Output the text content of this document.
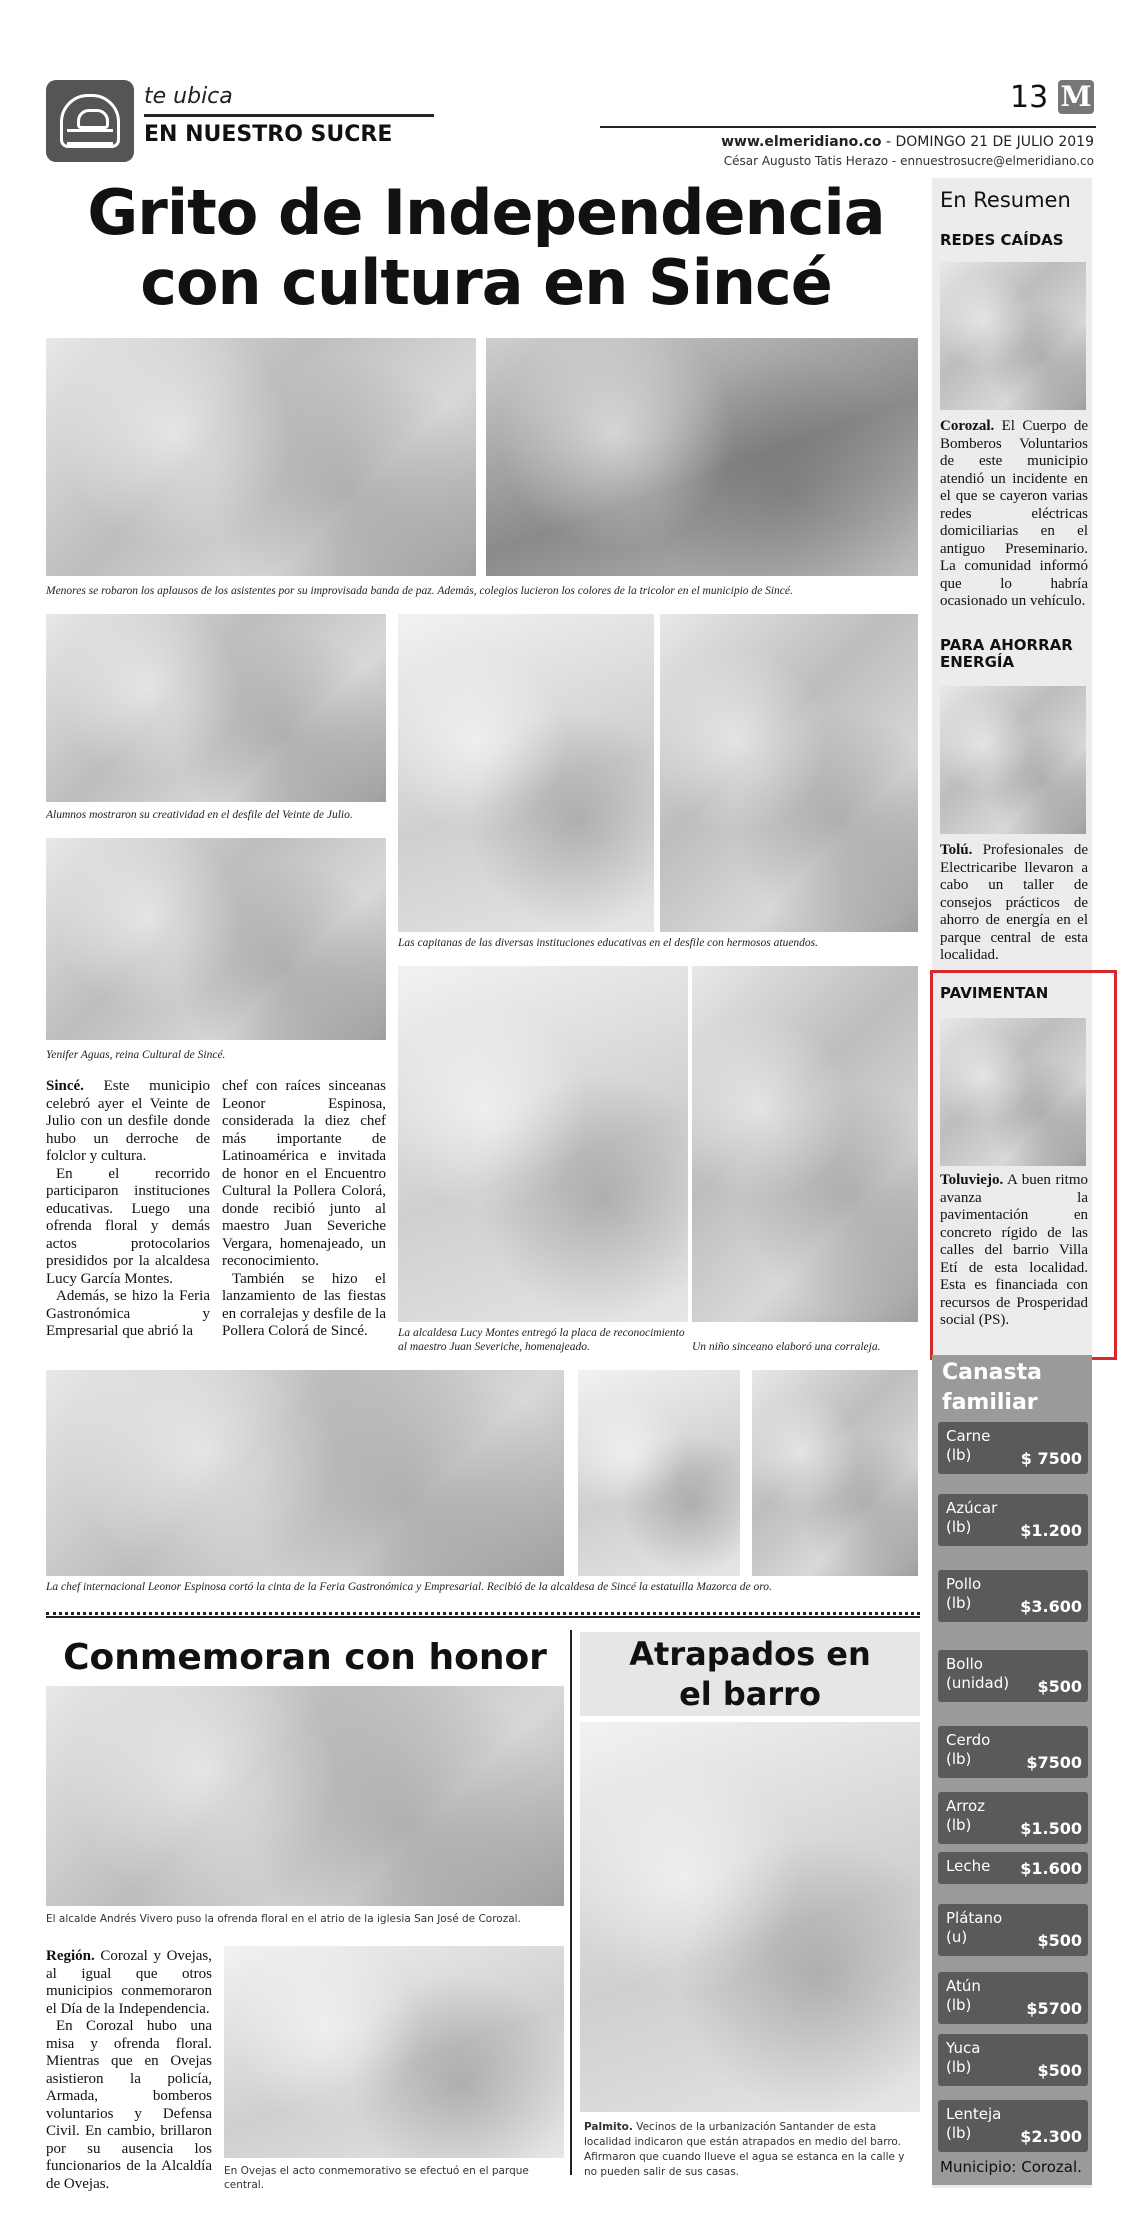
te ubica
EN NUESTRO SUCRE
13 M
www.elmeridiano.co - DOMINGO 21 DE JULIO 2019
César Augusto Tatis Herazo - ennuestrosucre@elmeridiano.co
Grito de Independencia
con cultura en Sincé
Menores se robaron los aplausos de los asistentes por su improvisada banda de paz. Además, colegios lucieron los colores de la tricolor en el municipio de Sincé.
Alumnos mostraron su creatividad en el desfile del Veinte de Julio.
Las capitanas de las diversas instituciones educativas en el desfile con hermosos atuendos.
Yenifer Aguas, reina Cultural de Sincé.
La alcaldesa Lucy Montes entregó la placa de reconocimiento al maestro Juan Severiche, homenajeado.	Un niño sinceano elaboró una corraleja.

Sincé. Este municipio celebró ayer el Veinte de Julio con un desfile donde hubo un derroche de folclor y cultura.

En el recorrido participaron instituciones educativas. Luego una ofrenda floral y demás actos protocolarios presididos por la alcaldesa Lucy García Montes.

Además, se hizo la Feria Gastronómica y Empresarial que abrió la

chef con raíces sinceanas Leonor Espinosa, considerada la diez chef más importante de Latinoamérica e invitada de honor en el Encuentro Cultural la Pollera Colorá, donde recibió junto al maestro Juan Severiche Vergara, homenajeado, un reconocimiento.

También se hizo el lanzamiento de las fiestas en corralejas y desfile de la Pollera Colorá de Sincé.

La chef internacional Leonor Espinosa cortó la cinta de la Feria Gastronómica y Empresarial. Recibió de la alcaldesa de Sincé la estatuilla Mazorca de oro.
Conmemoran con honor
El alcalde Andrés Vivero puso la ofrenda floral en el atrio de la iglesia San José de Corozal.

Región. Corozal y Ovejas, al igual que otros municipios conmemoraron el Día de la Independencia.

En Corozal hubo una misa y ofrenda floral. Mientras que en Ovejas asistieron la policía, Armada, bomberos voluntarios y Defensa Civil. En cambio, brillaron por su ausencia los funcionarios de la Alcaldía de Ovejas.

En Ovejas el acto conmemorativo se efectuó en el parque central.
Atrapados en
el barro
Palmito. Vecinos de la urbanización Santander de esta localidad indicaron que están atrapados en medio del barro. Afirmaron que cuando llueve el agua se estanca en la calle y no pueden salir de sus casas.
En Resumen
REDES CAÍDAS
Corozal. El Cuerpo de Bomberos Voluntarios de este municipio atendió un incidente en el que se cayeron varias redes eléctricas domiciliarias en el antiguo Preseminario. La comunidad informó que lo habría ocasionado un vehículo.
PARA AHORRAR ENERGÍA
Tolú. Profesionales de Electricaribe llevaron a cabo un taller de consejos prácticos de ahorro de energía en el parque central de esta localidad.
PAVIMENTAN
Toluviejo. A buen ritmo avanza la pavimentación en concreto rígido de las calles del barrio Villa Etí de esta localidad. Esta es financiada con recursos de Prosperidad social (PS).
Canasta
familiar
Carne
(lb)	$ 7500
Azúcar
(lb)	$1.200
Pollo
(lb)	$3.600
Bollo
(unidad) $500
Cerdo
(lb)	$7500
Arroz
(lb)	$1.500
Leche $1.600
Plátano
(u)	$500
Atún
(lb)	$5700
Yuca
(lb)	$500
Lenteja
(lb)	$2.300
Municipio: Corozal.
